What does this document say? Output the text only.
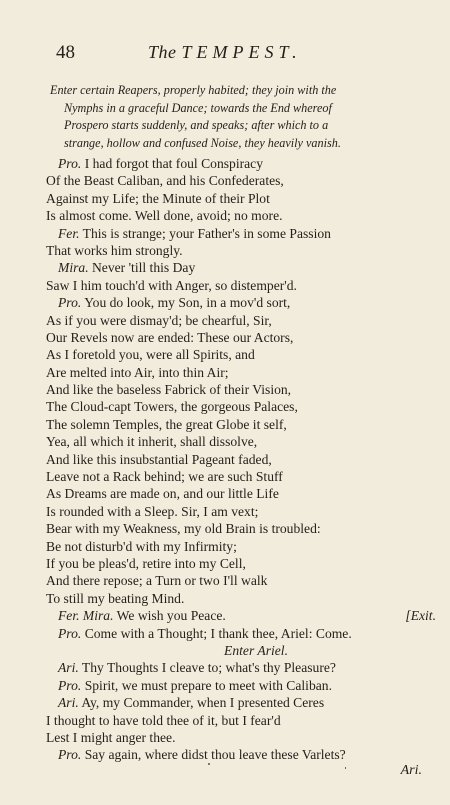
48	The TEMPEST.
Enter certain Reapers, properly habited; they join with the
Nymphs in a graceful Dance; towards the End whereof
Prospero starts suddenly, and speaks; after which to a
strange, hollow and confused Noise, they heavily vanish.
Pro. I had forgot that foul Conspiracy
Of the Beast Caliban, and his Confederates,
Against my Life; the Minute of their Plot
Is almost come. Well done, avoid; no more.
Fer. This is strange; your Father's in some Passion
That works him strongly.
Mira. Never 'till this Day
Saw I him touch'd with Anger, so distemper'd.
Pro. You do look, my Son, in a mov'd sort,
As if you were dismay'd; be chearful, Sir,
Our Revels now are ended: These our Actors,
As I foretold you, were all Spirits, and
Are melted into Air, into thin Air;
And like the baseless Fabrick of their Vision,
The Cloud-capt Towers, the gorgeous Palaces,
The solemn Temples, the great Globe it self,
Yea, all which it inherit, shall dissolve,
And like this insubstantial Pageant faded,
Leave not a Rack behind; we are such Stuff
As Dreams are made on, and our little Life
Is rounded with a Sleep. Sir, I am vext;
Bear with my Weakness, my old Brain is troubled:
Be not disturb'd with my Infirmity;
If you be pleas'd, retire into my Cell,
And there repose; a Turn or two I'll walk
To still my beating Mind.
Fer. Mira. We wish you Peace.	[Exit.
Pro. Come with a Thought; I thank thee, Ariel: Come.
Enter Ariel.
Ari. Thy Thoughts I cleave to; what's thy Pleasure?
Pro. Spirit, we must prepare to meet with Caliban.
Ari. Ay, my Commander, when I presented Ceres
I thought to have told thee of it, but I fear'd
Lest I might anger thee.
Pro. Say again, where didst thou leave these Varlets?
Ari.
